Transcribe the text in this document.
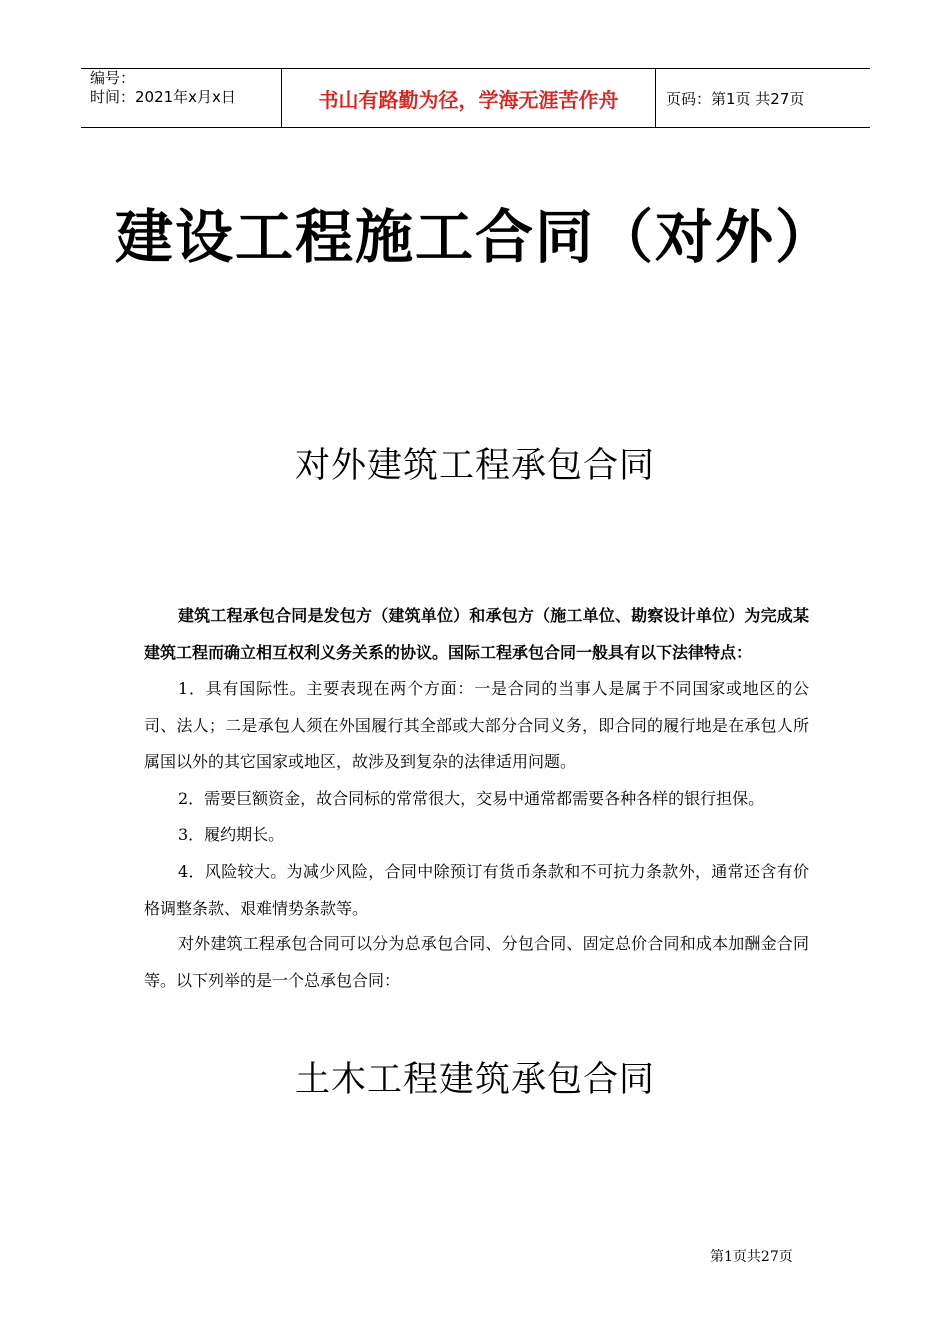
编号：
时间：2021年x月x日	书山有路勤为径，学海无涯苦作舟	页码：第1页 共27页
建设工程施工合同（对外）
对外建筑工程承包合同

建筑工程承包合同是发包方（建筑单位）和承包方（施工单位、勘察设计单位）为完成某建筑工程而确立相互权利义务关系的协议。国际工程承包合同一般具有以下法律特点：

1．具有国际性。主要表现在两个方面：一是合同的当事人是属于不同国家或地区的公司、法人；二是承包人须在外国履行其全部或大部分合同义务，即合同的履行地是在承包人所属国以外的其它国家或地区，故涉及到复杂的法律适用问题。

2．需要巨额资金，故合同标的常常很大，交易中通常都需要各种各样的银行担保。

3．履约期长。

4．风险较大。为减少风险，合同中除预订有货币条款和不可抗力条款外，通常还含有价格调整条款、艰难情势条款等。

对外建筑工程承包合同可以分为总承包合同、分包合同、固定总价合同和成本加酬金合同等。以下列举的是一个总承包合同：

土木工程建筑承包合同
第1页共27页
